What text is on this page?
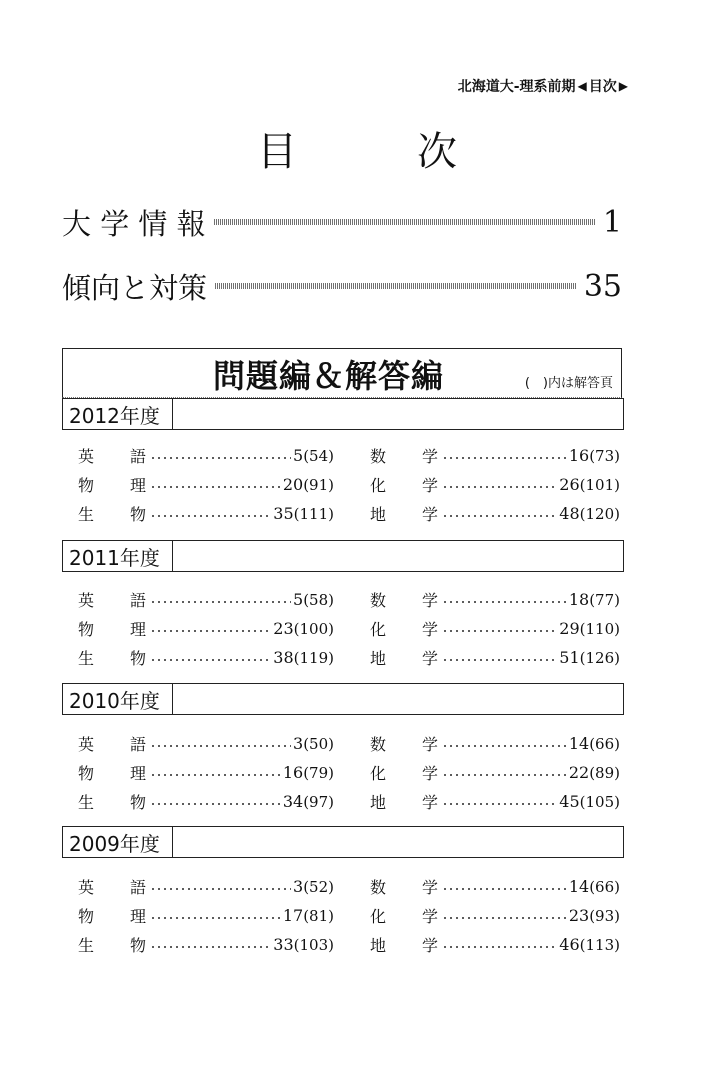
北海道大-理系前期 ◀ 目次 ▶
目　次
大 学 情 報	1
傾向と対策	35
問題編＆解答編	(　)内は解答頁
2012年度
英 語	5(54) 数 学	16(73)
物 理	20(91) 化 学	26(101)
生 物	35(111) 地 学	48(120)
2011年度
英 語	5(58) 数 学	18(77)
物 理	23(100) 化 学	29(110)
生 物	38(119) 地 学	51(126)
2010年度
英 語	3(50) 数 学	14(66)
物 理	16(79) 化 学	22(89)
生 物	34(97) 地 学	45(105)
2009年度
英 語	3(52) 数 学	14(66)
物 理	17(81) 化 学	23(93)
生 物	33(103) 地 学	46(113)
